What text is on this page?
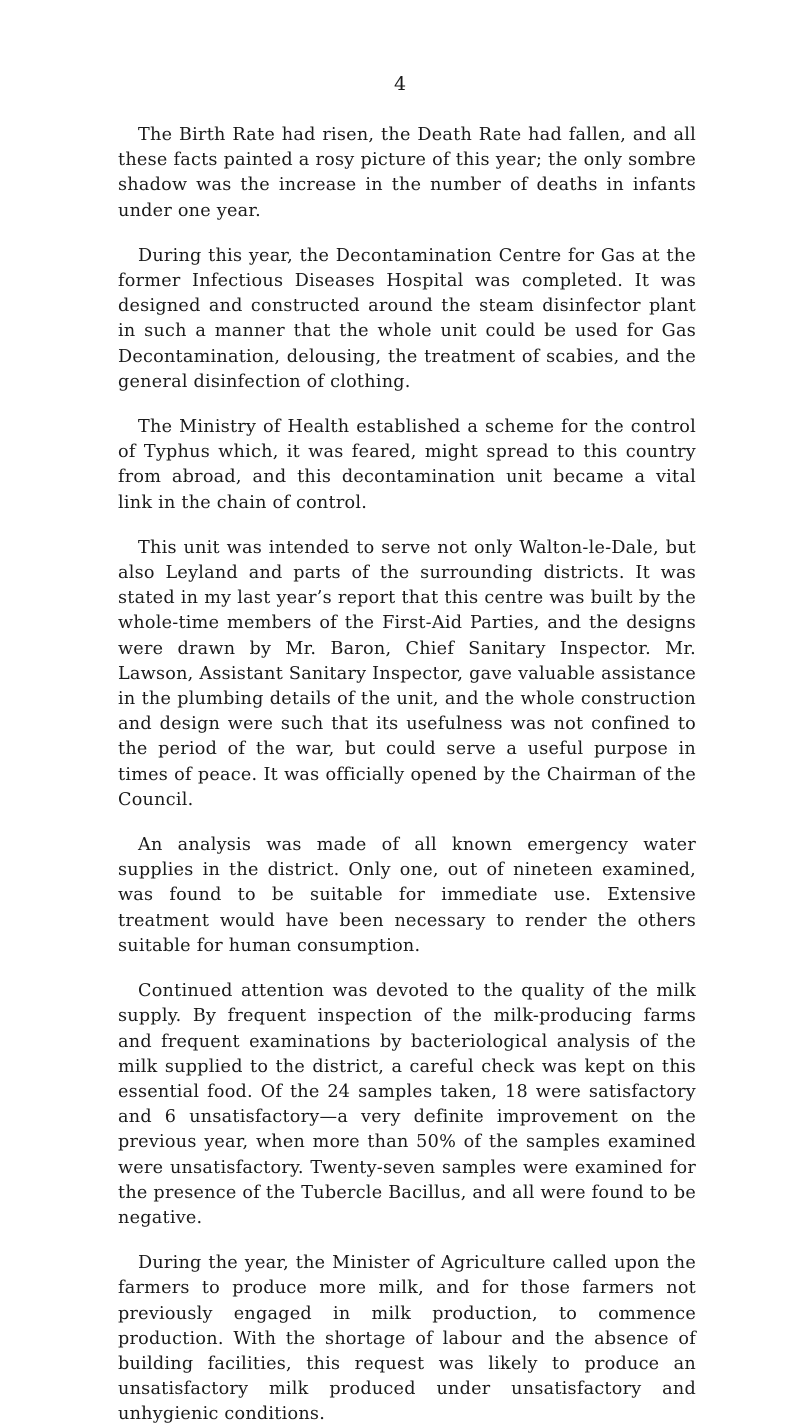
4

The Birth Rate had risen, the Death Rate had fallen, and all these facts painted a rosy picture of this year; the only sombre shadow was the increase in the number of deaths in infants under one year.

During this year, the Decontamination Centre for Gas at the former Infectious Diseases Hospital was completed. It was designed and constructed around the steam disinfector plant in such a manner that the whole unit could be used for Gas Decontamination, delousing, the treatment of scabies, and the general disinfection of clothing.

The Ministry of Health established a scheme for the control of Typhus which, it was feared, might spread to this country from abroad, and this decontamination unit became a vital link in the chain of control.

This unit was intended to serve not only Walton-le-Dale, but also Leyland and parts of the surrounding districts. It was stated in my last year’s report that this centre was built by the whole-time members of the First-Aid Parties, and the designs were drawn by Mr. Baron, Chief Sanitary Inspector. Mr. Lawson, Assistant Sanitary Inspector, gave valuable assistance in the plumbing details of the unit, and the whole construction and design were such that its usefulness was not confined to the period of the war, but could serve a useful purpose in times of peace. It was officially opened by the Chairman of the Council.

An analysis was made of all known emergency water supplies in the district. Only one, out of nineteen examined, was found to be suitable for immediate use. Extensive treatment would have been necessary to render the others suitable for human consumption.

Continued attention was devoted to the quality of the milk supply. By frequent inspection of the milk-producing farms and frequent examinations by bacteriological analysis of the milk supplied to the district, a careful check was kept on this essential food. Of the 24 samples taken, 18 were satisfactory and 6 unsatisfactory—a very definite improvement on the previous year, when more than 50% of the samples examined were unsatisfactory. Twenty-seven samples were examined for the presence of the Tubercle Bacillus, and all were found to be negative.

During the year, the Minister of Agriculture called upon the farmers to produce more milk, and for those farmers not previously engaged in milk production, to commence production. With the shortage of labour and the absence of building facilities, this request was likely to produce an unsatisfactory milk produced under unsatisfactory and unhygienic conditions.
